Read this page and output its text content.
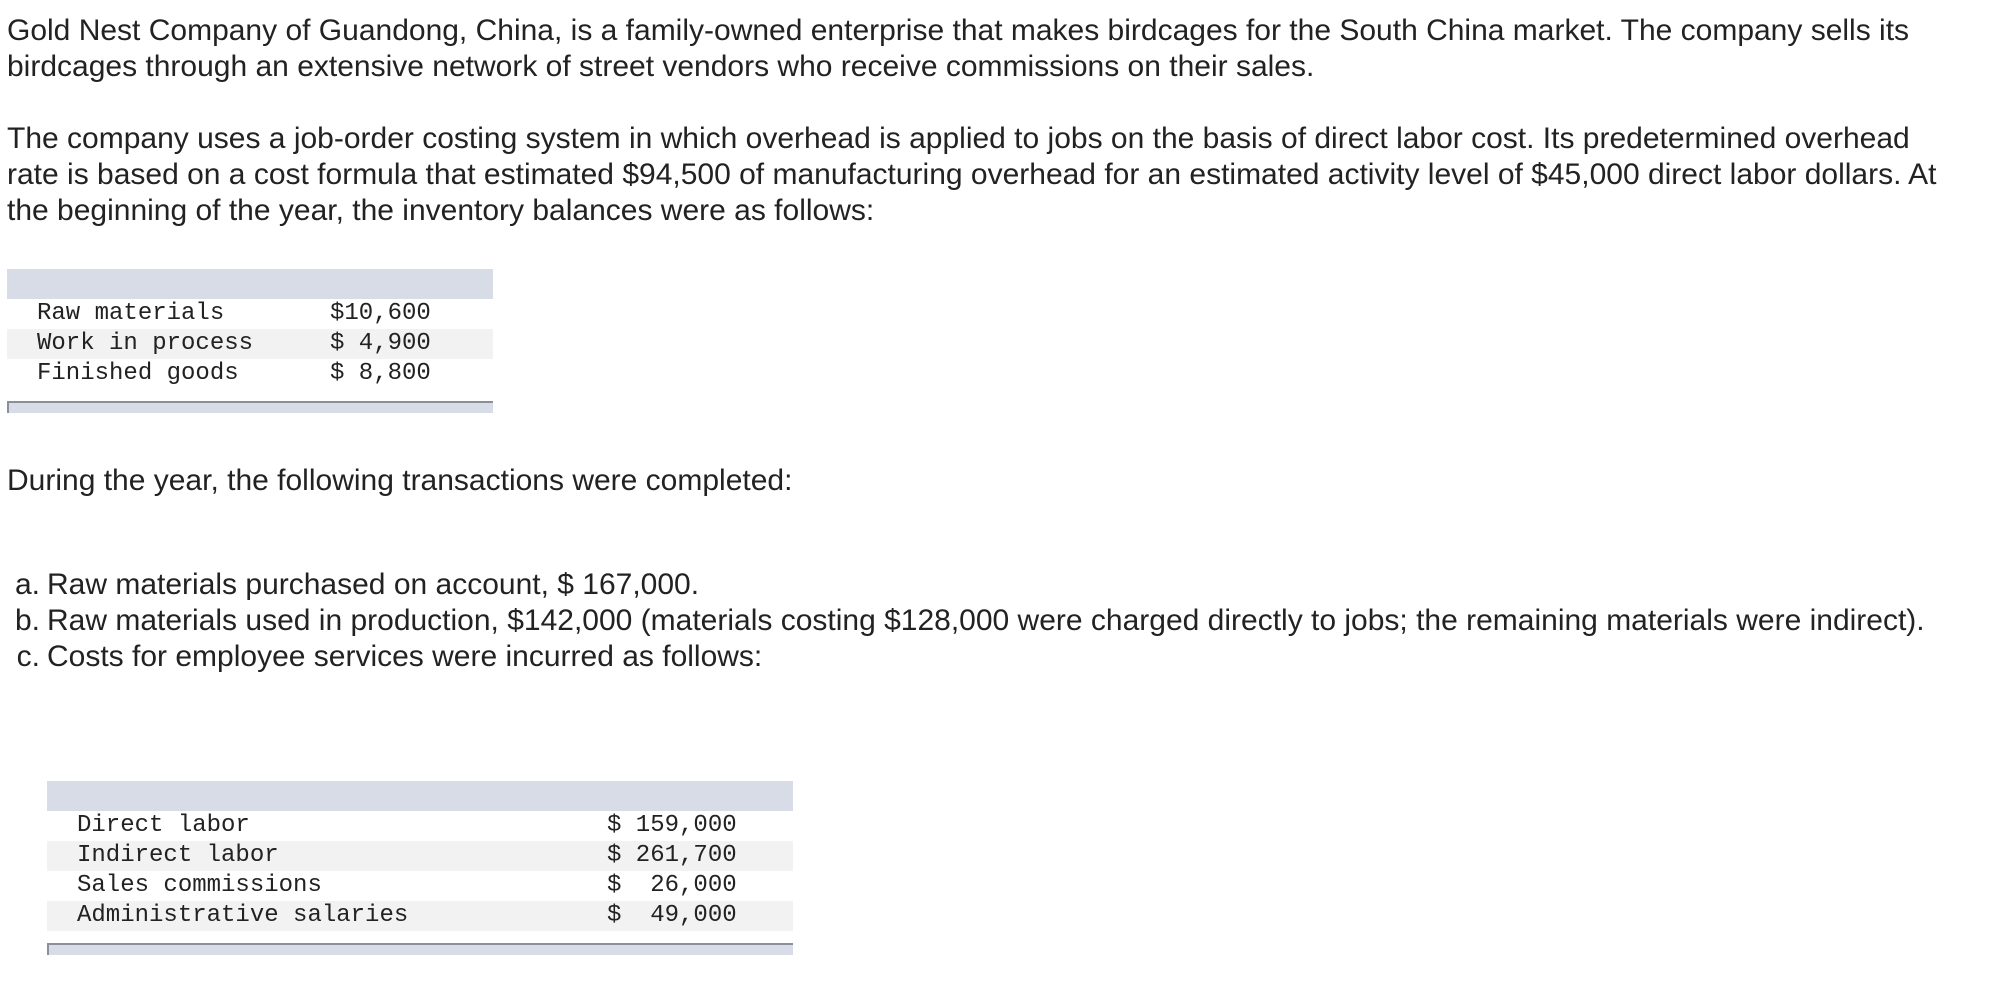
Gold Nest Company of Guandong, China, is a family-owned enterprise that makes birdcages for the South China market. The company sells its birdcages through an extensive network of street vendors who receive commissions on their sales.

The company uses a job-order costing system in which overhead is applied to jobs on the basis of direct labor cost. Its predetermined overhead rate is based on a cost formula that estimated $94,500 of manufacturing overhead for an estimated activity level of $45,000 direct labor dollars. At the beginning of the year, the inventory balances were as follows:

Raw materials	$10,600
Work in process	$ 4,900
Finished goods	$ 8,800

During the year, the following transactions were completed:

a. Raw materials purchased on account, $ 167,000.
b. Raw materials used in production, $142,000 (materials costing $128,000 were charged directly to jobs; the remaining materials were indirect).
c. Costs for employee services were incurred as follows:
Direct labor	$ 159,000
Indirect labor	$ 261,700
Sales commissions	$  26,000
Administrative salaries	$  49,000
